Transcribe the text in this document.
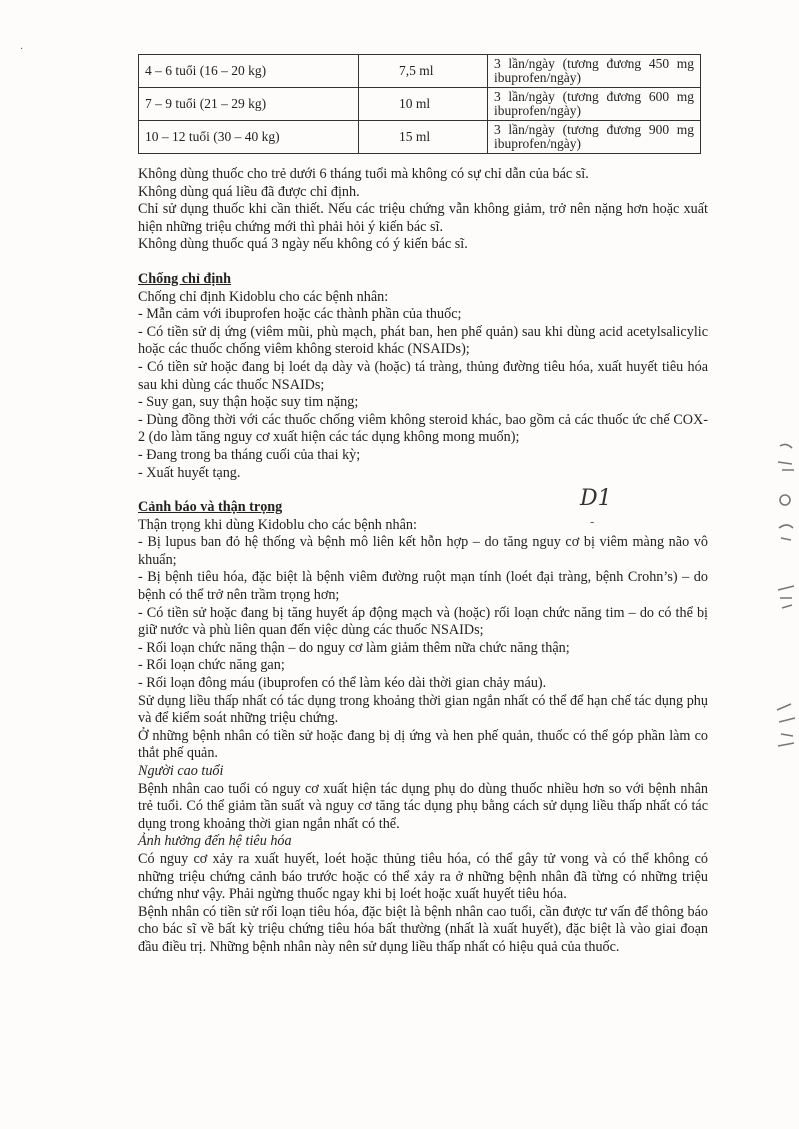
·
4 – 6 tuổi (16 – 20 kg)	7,5 ml	3 lần/ngày (tương đương 450 mg ibuprofen/ngày)
7 – 9 tuổi (21 – 29 kg)	10 ml	3 lần/ngày (tương đương 600 mg ibuprofen/ngày)
10 – 12 tuổi (30 – 40 kg)	15 ml	3 lần/ngày (tương đương 900 mg ibuprofen/ngày)

Không dùng thuốc cho trẻ dưới 6 tháng tuổi mà không có sự chỉ dẫn của bác sĩ.

Không dùng quá liều đã được chỉ định.

Chỉ sử dụng thuốc khi cần thiết. Nếu các triệu chứng vẫn không giảm, trở nên nặng hơn hoặc xuất hiện những triệu chứng mới thì phải hỏi ý kiến bác sĩ.

Không dùng thuốc quá 3 ngày nếu không có ý kiến bác sĩ.

Chống chỉ định

Chống chỉ định Kidoblu cho các bệnh nhân:

- Mẫn cảm với ibuprofen hoặc các thành phần của thuốc;

- Có tiền sử dị ứng (viêm mũi, phù mạch, phát ban, hen phế quản) sau khi dùng acid acetylsalicylic hoặc các thuốc chống viêm không steroid khác (NSAIDs);

- Có tiền sử hoặc đang bị loét dạ dày và (hoặc) tá tràng, thủng đường tiêu hóa, xuất huyết tiêu hóa sau khi dùng các thuốc NSAIDs;

- Suy gan, suy thận hoặc suy tim nặng;

- Dùng đồng thời với các thuốc chống viêm không steroid khác, bao gồm cả các thuốc ức chế COX-2 (do làm tăng nguy cơ xuất hiện các tác dụng không mong muốn);

- Đang trong ba tháng cuối của thai kỳ;

- Xuất huyết tạng.

Cảnh báo và thận trọng

Thận trọng khi dùng Kidoblu cho các bệnh nhân:

- Bị lupus ban đỏ hệ thống và bệnh mô liên kết hỗn hợp – do tăng nguy cơ bị viêm màng não vô khuẩn;

- Bị bệnh tiêu hóa, đặc biệt là bệnh viêm đường ruột mạn tính (loét đại tràng, bệnh Crohn’s) – do bệnh có thể trở nên trầm trọng hơn;

- Có tiền sử hoặc đang bị tăng huyết áp động mạch và (hoặc) rối loạn chức năng tim – do có thể bị giữ nước và phù liên quan đến việc dùng các thuốc NSAIDs;

- Rối loạn chức năng thận – do nguy cơ làm giảm thêm nữa chức năng thận;

- Rối loạn chức năng gan;

- Rối loạn đông máu (ibuprofen có thể làm kéo dài thời gian chảy máu).

Sử dụng liều thấp nhất có tác dụng trong khoảng thời gian ngắn nhất có thể để hạn chế tác dụng phụ và để kiểm soát những triệu chứng.

Ở những bệnh nhân có tiền sử hoặc đang bị dị ứng và hen phế quản, thuốc có thể góp phần làm co thắt phế quản.

Người cao tuổi

Bệnh nhân cao tuổi có nguy cơ xuất hiện tác dụng phụ do dùng thuốc nhiều hơn so với bệnh nhân trẻ tuổi. Có thể giảm tần suất và nguy cơ tăng tác dụng phụ bằng cách sử dụng liều thấp nhất có tác dụng trong khoảng thời gian ngắn nhất có thể.

Ảnh hưởng đến hệ tiêu hóa

Có nguy cơ xảy ra xuất huyết, loét hoặc thủng tiêu hóa, có thể gây tử vong và có thể không có những triệu chứng cảnh báo trước hoặc có thể xảy ra ở những bệnh nhân đã từng có những triệu chứng như vậy. Phải ngừng thuốc ngay khi bị loét hoặc xuất huyết tiêu hóa.

Bệnh nhân có tiền sử rối loạn tiêu hóa, đặc biệt là bệnh nhân cao tuổi, cần được tư vấn để thông báo cho bác sĩ về bất kỳ triệu chứng tiêu hóa bất thường (nhất là xuất huyết), đặc biệt là vào giai đoạn đầu điều trị. Những bệnh nhân này nên sử dụng liều thấp nhất có hiệu quả của thuốc.

D1
-
